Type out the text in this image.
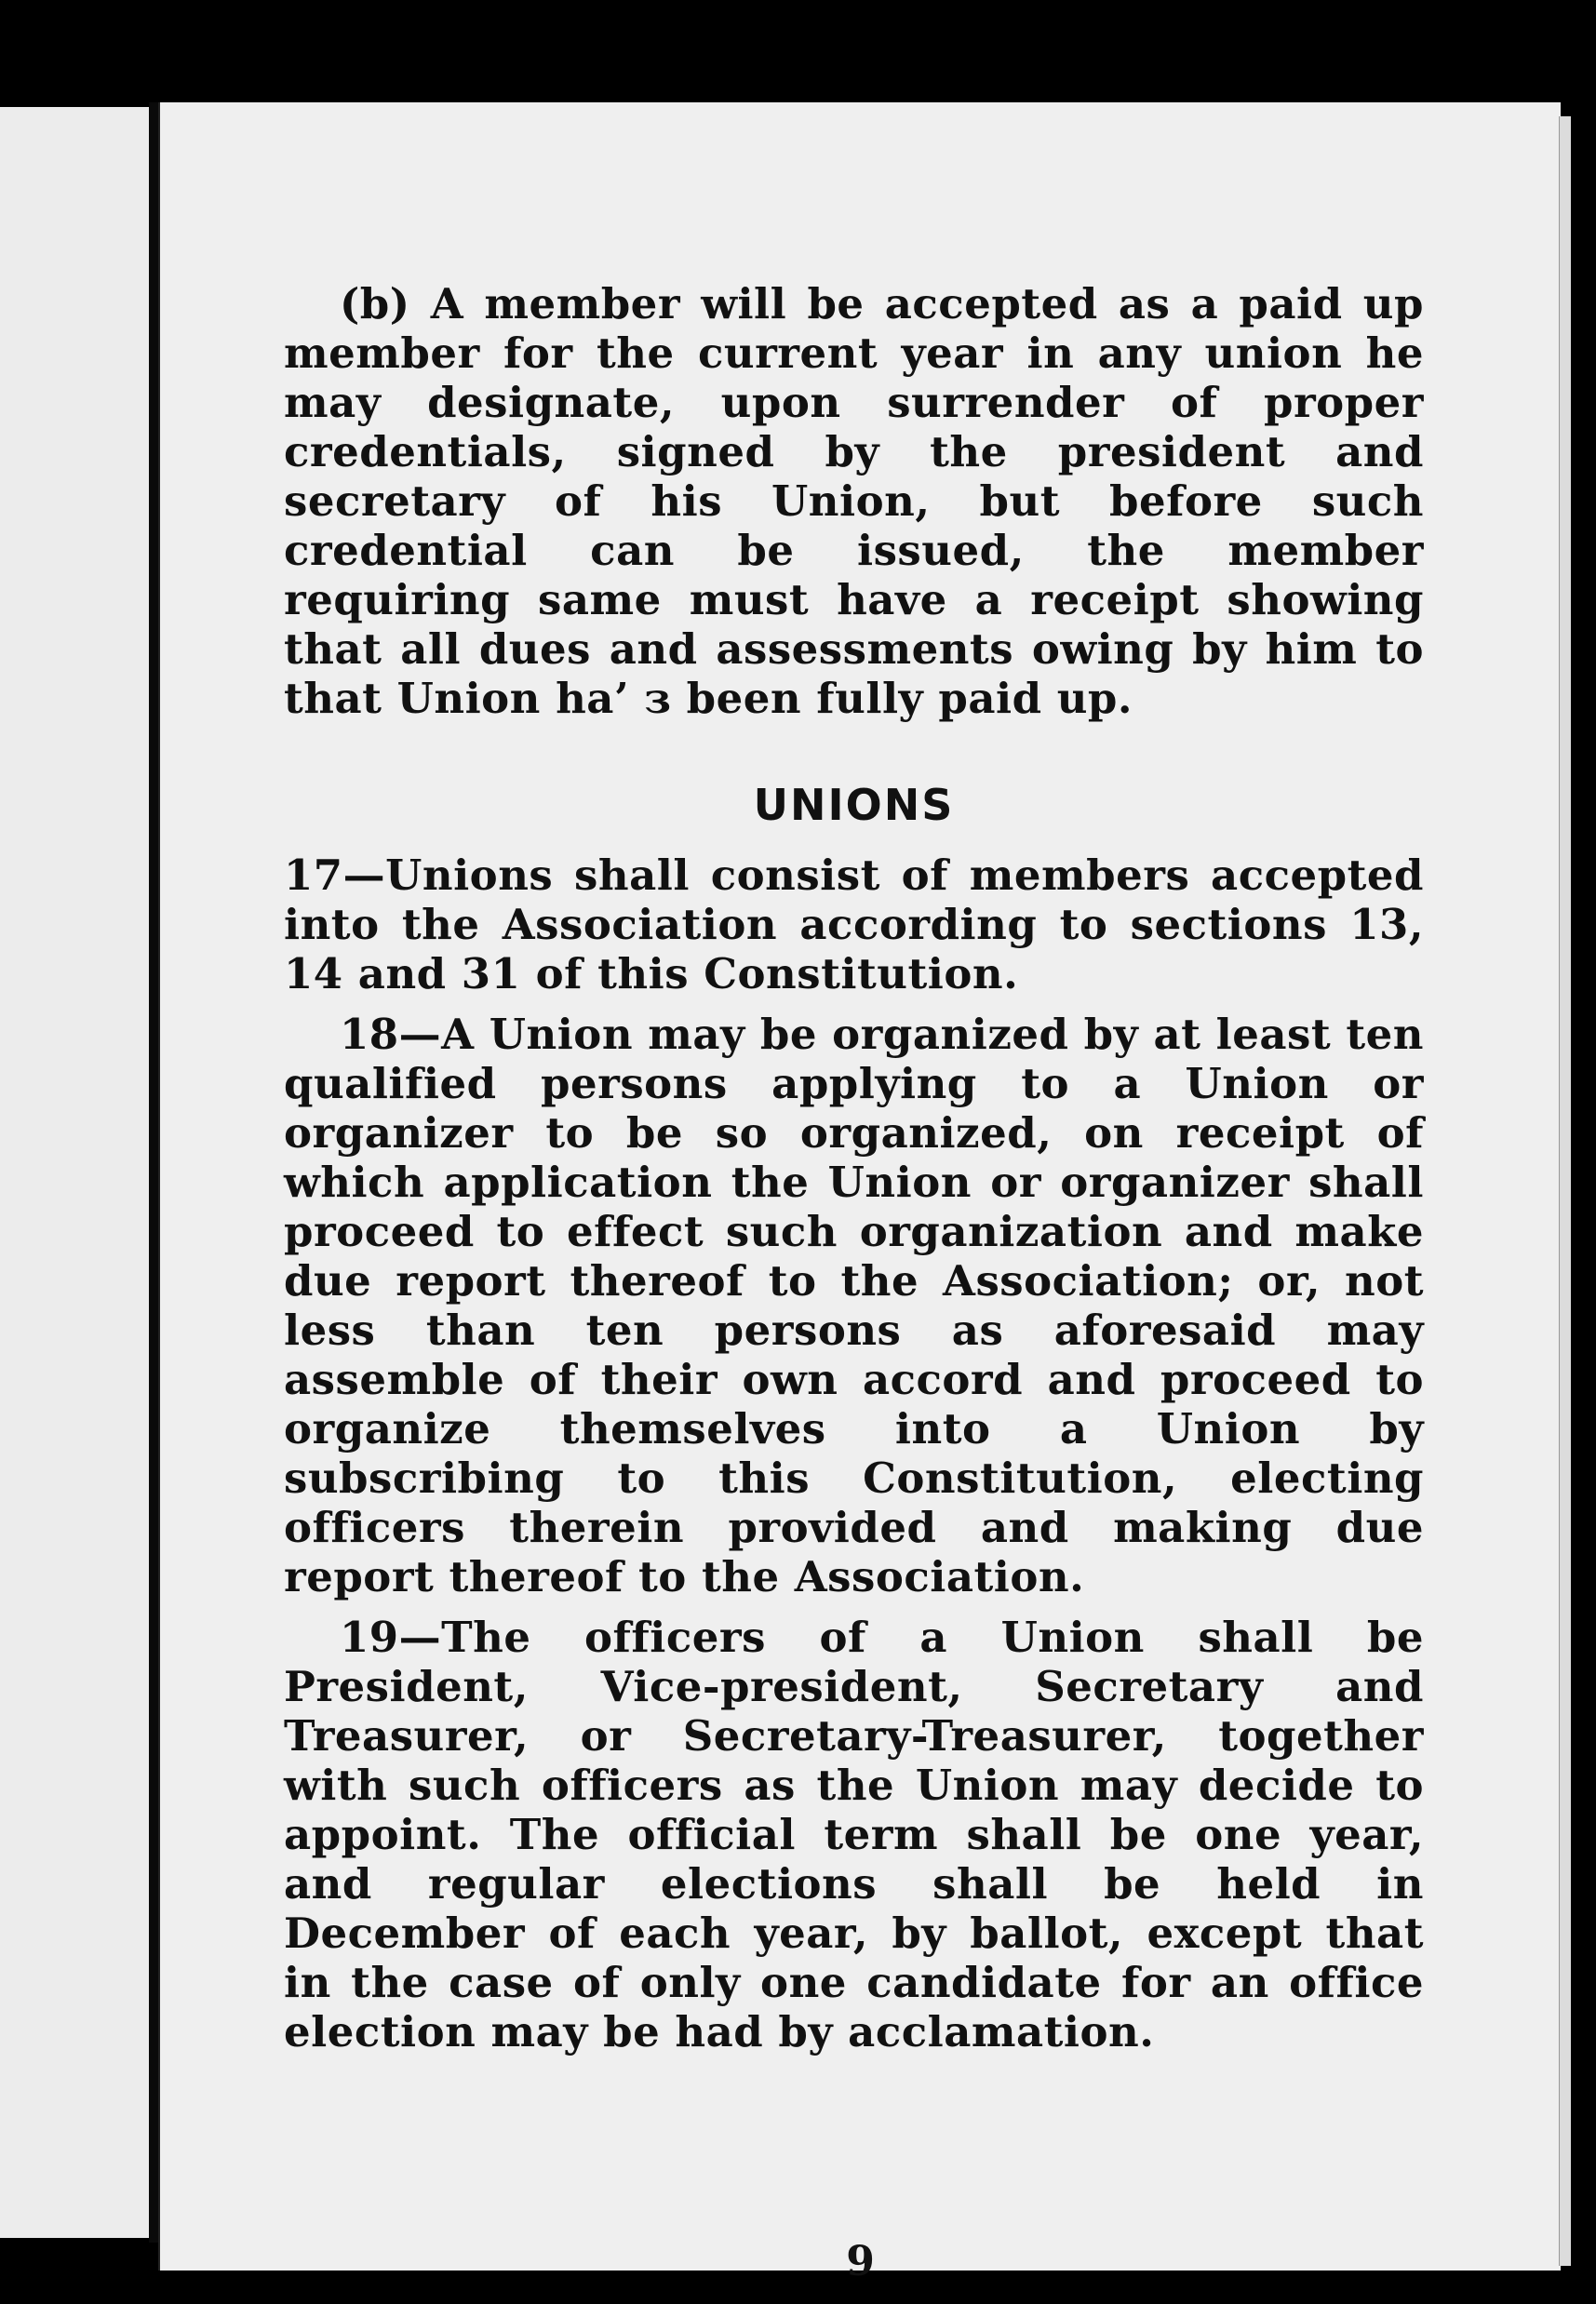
9

(b) A member will be accepted as a paid up member for the current year in any union he may designate, upon surrender of proper credentials, signed by the president and secretary of his Union, but before such credential can be issued, the member requiring same must have a receipt showing that all dues and assessments owing by him to that Union ha’ з been fully paid up.

UNIONS

17—Unions shall consist of members accepted into the Association according to sections 13, 14 and 31 of this Constitution.

18—A Union may be organized by at least ten qualified persons applying to a Union or organizer to be so organized, on receipt of which application the Union or organizer shall proceed to effect such organization and make due report thereof to the Association; or, not less than ten persons as aforesaid may assemble of their own accord and proceed to organize themselves into a Union by subscribing to this Constitution, electing officers therein provided and making due report thereof to the Association.

19—The officers of a Union shall be President, Vice-president, Secretary and Treasurer, or Secretary-Treasurer, together with such officers as the Union may decide to appoint. The official term shall be one year, and regular elections shall be held in December of each year, by ballot, except that in the case of only one candidate for an office election may be had by acclamation.
